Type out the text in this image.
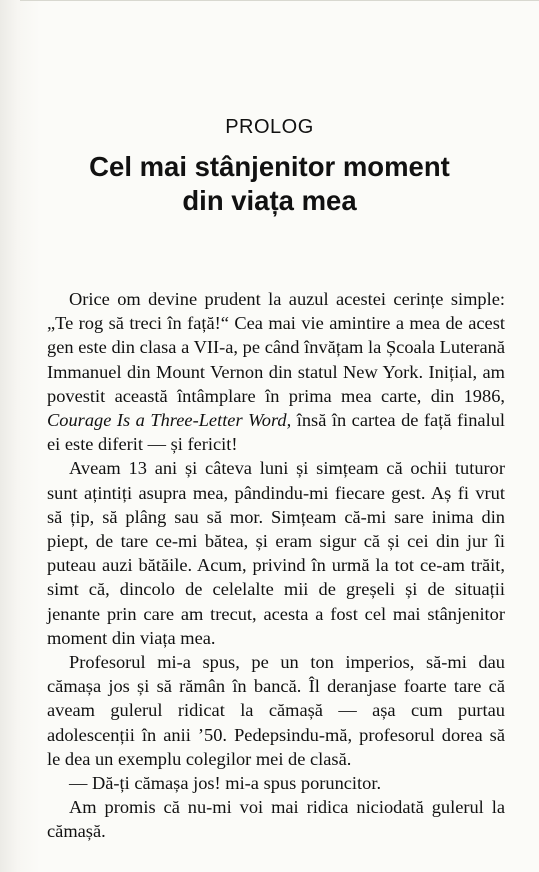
PROLOG
Cel mai stânjenitor moment
din viața mea

Orice om devine prudent la auzul acestei cerințe simple: „Te rog să treci în față!“ Cea mai vie amintire a mea de acest gen este din clasa a VII-a, pe când învățam la Școala Luterană Immanuel din Mount Vernon din statul New York. Inițial, am povestit această întâmplare în prima mea carte, din 1986, Courage Is a Three-Letter Word, însă în cartea de față finalul ei este diferit — și fericit!

Aveam 13 ani și câteva luni și simțeam că ochii tuturor sunt ațintiți asupra mea, pândindu-mi fiecare gest. Aș fi vrut să țip, să plâng sau să mor. Simțeam că-mi sare inima din piept, de tare ce-mi bătea, și eram sigur că și cei din jur îi puteau auzi bătăile. Acum, privind în urmă la tot ce-am trăit, simt că, dincolo de celelalte mii de greșeli și de situații jenante prin care am trecut, acesta a fost cel mai stânjenitor moment din viața mea.

Profesorul mi-a spus, pe un ton imperios, să-mi dau cămașa jos și să rămân în bancă. Îl deranjase foarte tare că aveam gulerul ridicat la cămașă — așa cum purtau adolescenții în anii ’50. Pedepsindu-mă, profesorul dorea să le dea un exemplu colegilor mei de clasă.

— Dă-ți cămașa jos! mi-a spus poruncitor.

Am promis că nu-mi voi mai ridica niciodată gulerul la cămașă.
